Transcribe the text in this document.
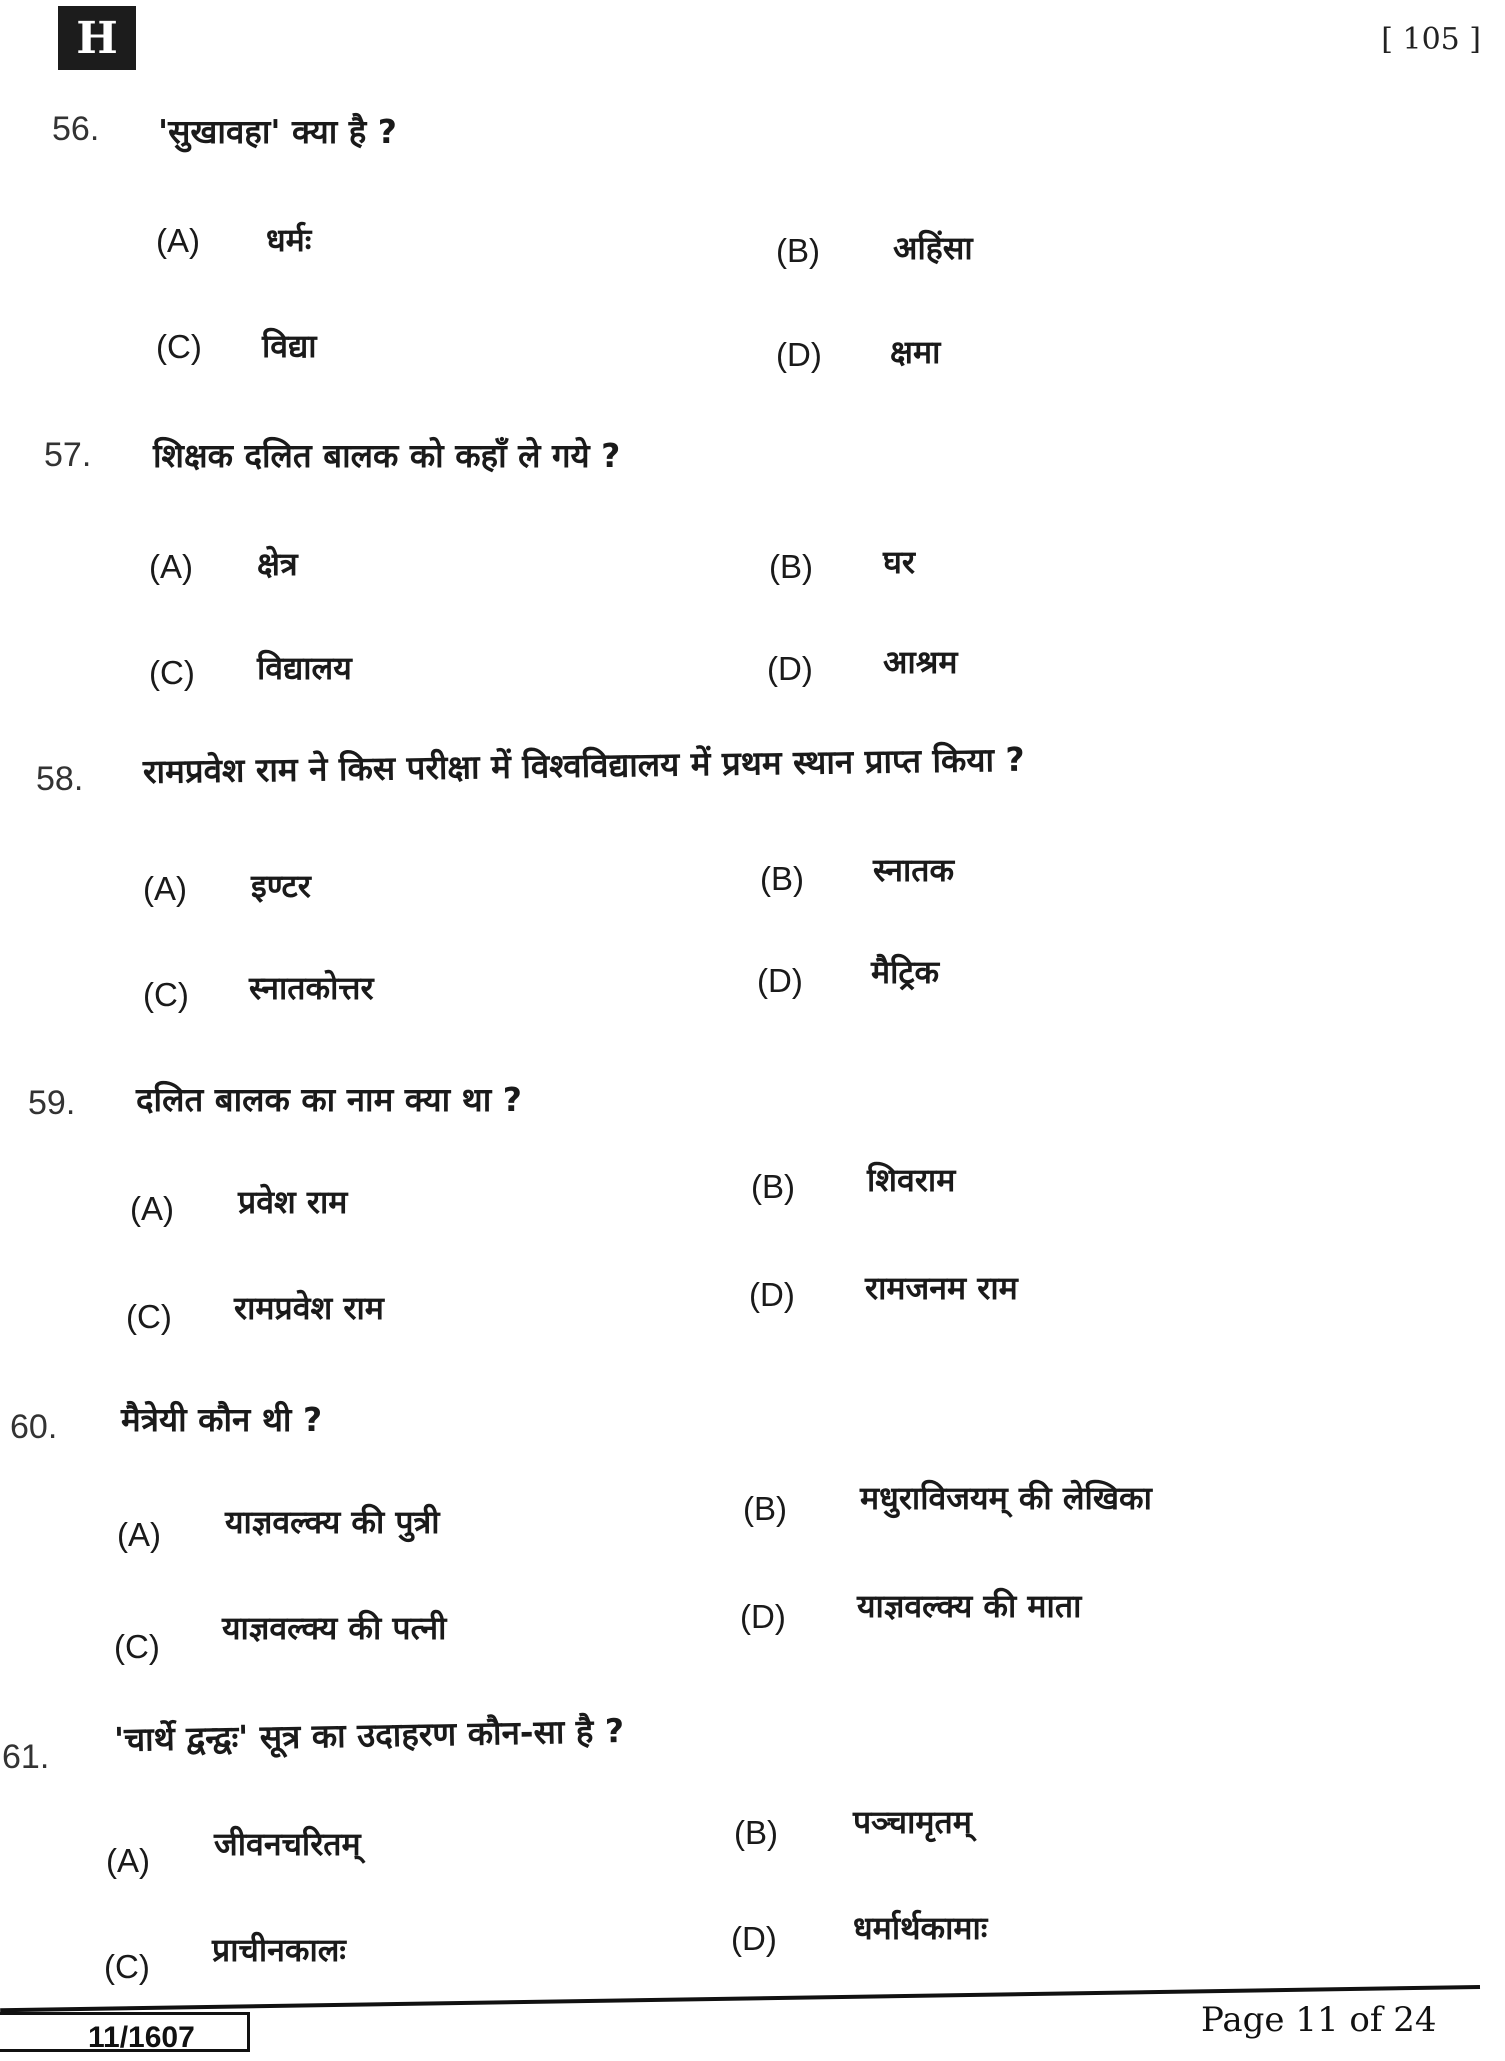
H	[ 105 ]
56. 'सुखावहा' क्या है ?
(A) धर्मः	(B) अहिंसा
(C) विद्या	(D) क्षमा
57. शिक्षक दलित बालक को कहाँ ले गये ?
(A) क्षेत्र	(B) घर
(C) विद्यालय	(D) आश्रम
58. रामप्रवेश राम ने किस परीक्षा में विश्वविद्यालय में प्रथम स्थान प्राप्त किया ?
(A) इण्टर	(B) स्नातक
(C) स्नातकोत्तर	(D) मैट्रिक
59. दलित बालक का नाम क्या था ?
(A) प्रवेश राम	(B) शिवराम
(C) रामप्रवेश राम	(D) रामजनम राम
60. मैत्रेयी कौन थी ?
(A) याज्ञवल्क्य की पुत्री	(B) मधुराविजयम् की लेखिका
(C) याज्ञवल्क्य की पत्नी	(D) याज्ञवल्क्य की माता
61. 'चार्थे द्वन्द्वः' सूत्र का उदाहरण कौन-सा है ?
(A) जीवनचरितम्	(B) पञ्चामृतम्
(C) प्राचीनकालः	(D) धर्मार्थकामाः
11/1607	Page 11 of 24
